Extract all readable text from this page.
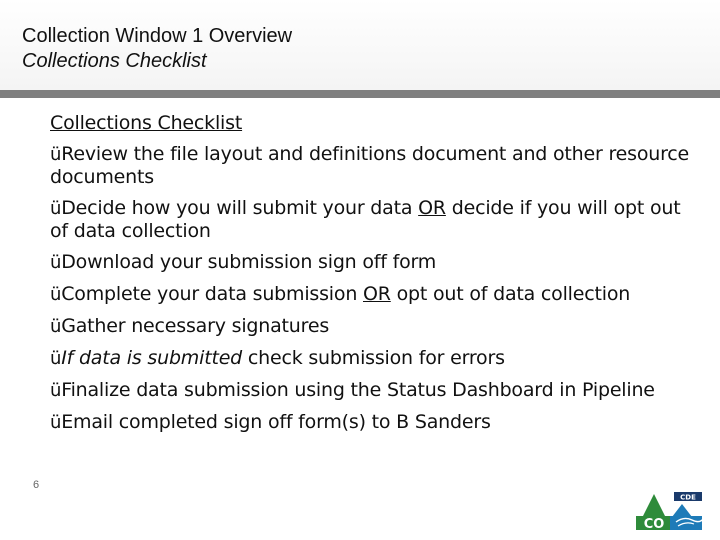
Collection Window 1 Overview
Collections Checklist
Collections Checklist
üReview the file layout and definitions document and other resource documents
üDecide how you will submit your data OR decide if you will opt out of data collection
üDownload your submission sign off form
üComplete your data submission OR opt out of data collection
üGather necessary signatures
üIf data is submitted check submission for errors
üFinalize data submission using the Status Dashboard in Pipeline
üEmail completed sign off form(s) to B Sanders
6
CDE
CO
